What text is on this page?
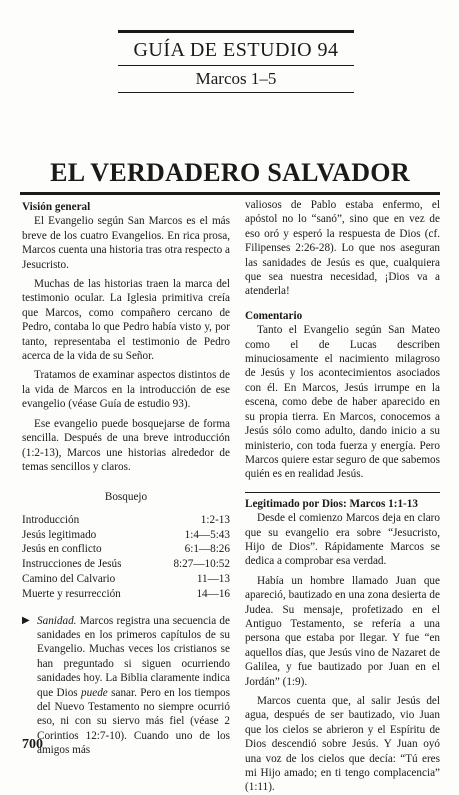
GUÍA DE ESTUDIO 94
Marcos 1–5
EL VERDADERO SALVADOR
Visión general

El Evangelio según San Marcos es el más breve de los cuatro Evangelios. En rica prosa, Marcos cuenta una historia tras otra respecto a Jesucristo.

Muchas de las historias traen la marca del testimonio ocular. La Iglesia primitiva creía que Marcos, como compañero cercano de Pedro, contaba lo que Pedro había visto y, por tanto, representaba el testimonio de Pedro acerca de la vida de su Señor.

Tratamos de examinar aspectos distintos de la vida de Marcos en la introducción de ese evangelio (véase Guía de estudio 93).

Ese evangelio puede bosquejarse de forma sencilla. Después de una breve introducción (1:2-13), Marcos une historias alrededor de temas sencillos y claros.

Bosquejo
Introducción	1:2-13
Jesús legitimado	1:4—5:43
Jesús en conflicto	6:1—8:26
Instrucciones de Jesús	8:27—10:52
Camino del Calvario	11—13
Muerte y resurrección	14—16
▶ Sanidad. Marcos registra una secuencia de sanidades en los primeros capítulos de su Evangelio. Muchas veces los cristianos se han preguntado si siguen ocurriendo sanidades hoy. La Biblia claramente indica que Dios puede sanar. Pero en los tiempos del Nuevo Testamento no siempre ocurrió eso, ni con su siervo más fiel (véase 2 Corintios 12:7-10). Cuando uno de los amigos más
valiosos de Pablo estaba enfermo, el apóstol no lo “sanó”, sino que en vez de eso oró y esperó la respuesta de Dios (cf. Filipenses 2:26-28). Lo que nos aseguran las sanidades de Jesús es que, cualquiera que sea nuestra necesidad, ¡Dios va a atenderla!
Comentario

Tanto el Evangelio según San Mateo como el de Lucas describen minuciosamente el nacimiento milagroso de Jesús y los acontecimientos asociados con él. En Marcos, Jesús irrumpe en la escena, como debe de haber aparecido en su propia tierra. En Marcos, conocemos a Jesús sólo como adulto, dando inicio a su ministerio, con toda fuerza y energía. Pero Marcos quiere estar seguro de que sabemos quién es en realidad Jesús.

Legitimado por Dios: Marcos 1:1-13

Desde el comienzo Marcos deja en claro que su evangelio era sobre “Jesucristo, Hijo de Dios”. Rápidamente Marcos se dedica a comprobar esa verdad.

Había un hombre llamado Juan que apareció, bautizado en una zona desierta de Judea. Su mensaje, profetizado en el Antiguo Testamento, se refería a una persona que estaba por llegar. Y fue “en aquellos días, que Jesús vino de Nazaret de Galilea, y fue bautizado por Juan en el Jordán” (1:9).

Marcos cuenta que, al salir Jesús del agua, después de ser bautizado, vio Juan que los cielos se abrieron y el Espíritu de Dios descendió sobre Jesús. Y Juan oyó una voz de los cielos que decía: “Tú eres mi Hijo amado; en ti tengo complacencia” (1:11).

700
